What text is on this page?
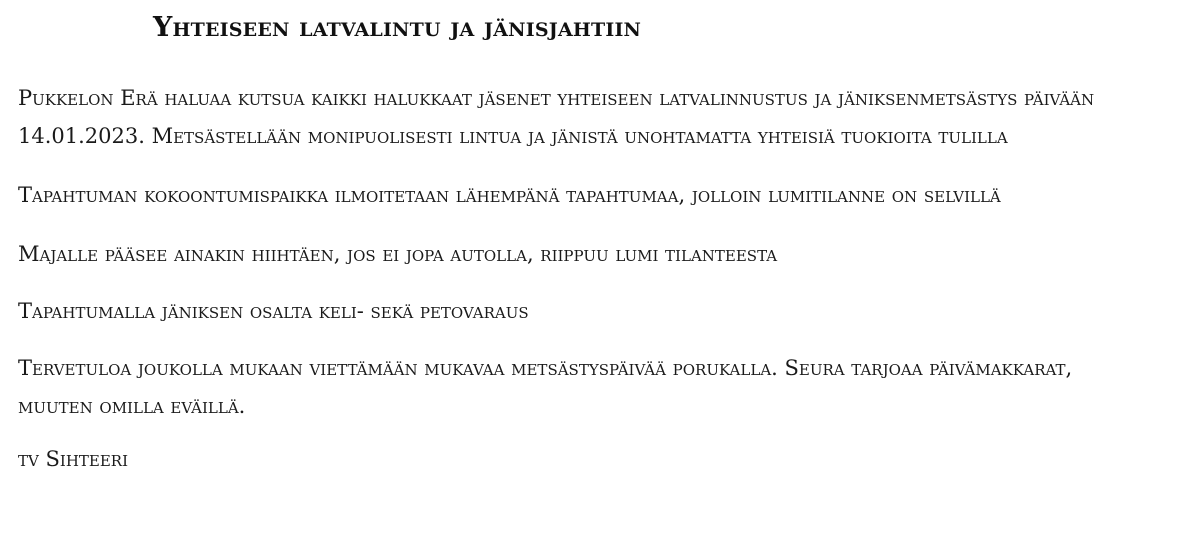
Yhteiseen latvalintu ja jänisjahtiin

Pukkelon Erä haluaa kutsua kaikki halukkaat jäsenet yhteiseen latvalinnustus ja jäniksenmetsästys päivään 14.01.2023. Metsästellään monipuolisesti lintua ja jänistä unohtamatta yhteisiä tuokioita tulilla

Tapahtuman kokoontumispaikka ilmoitetaan lähempänä tapahtumaa, jolloin lumitilanne on selvillä

Majalle pääsee ainakin hiihtäen, jos ei jopa autolla, riippuu lumi tilanteesta

Tapahtumalla jäniksen osalta keli- sekä petovaraus

Tervetuloa joukolla mukaan viettämään mukavaa metsästyspäivää porukalla. Seura tarjoaa päivämakkarat, muuten omilla eväillä.

tv Sihteeri
